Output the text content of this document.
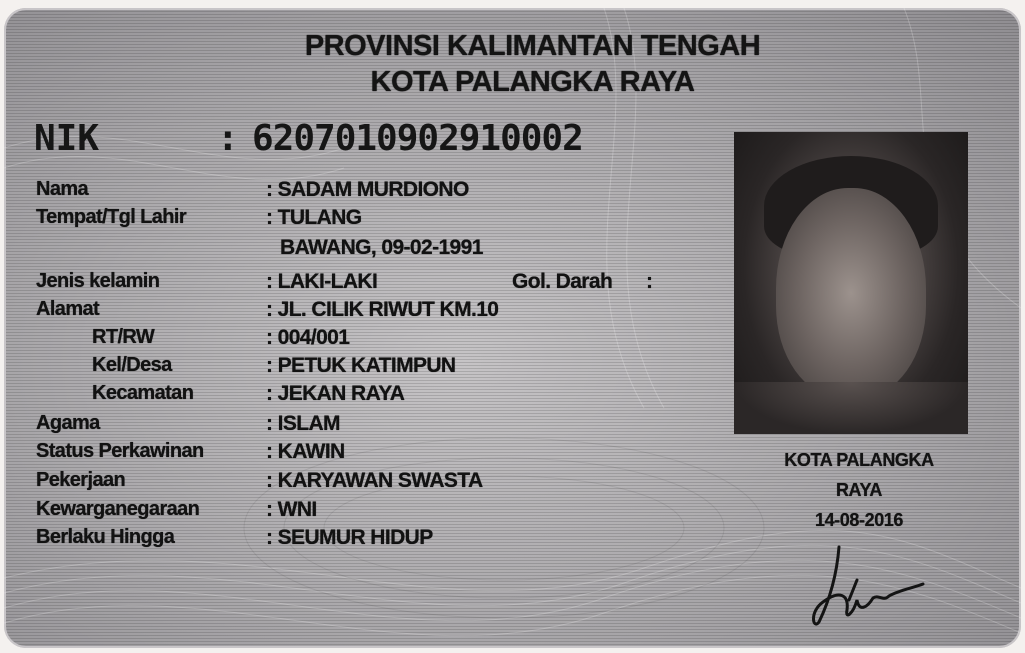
PROVINSI KALIMANTAN TENGAH
KOTA PALANGKA RAYA
NIK	: 6207010902910002
Nama	: SADAM MURDIONO
Tempat/Tgl Lahir	: TULANG
BAWANG, 09-02-1991
Jenis kelamin	: LAKI-LAKI	Gol. Darah :
Alamat	: JL. CILIK RIWUT KM.10
RT/RW	: 004/001
Kel/Desa	: PETUK KATIMPUN
Kecamatan	: JEKAN RAYA
Agama	: ISLAM
Status Perkawinan	: KAWIN
Pekerjaan	: KARYAWAN SWASTA
Kewarganegaraan	: WNI
Berlaku Hingga	: SEUMUR HIDUP
KOTA PALANGKA
RAYA
14-08-2016
